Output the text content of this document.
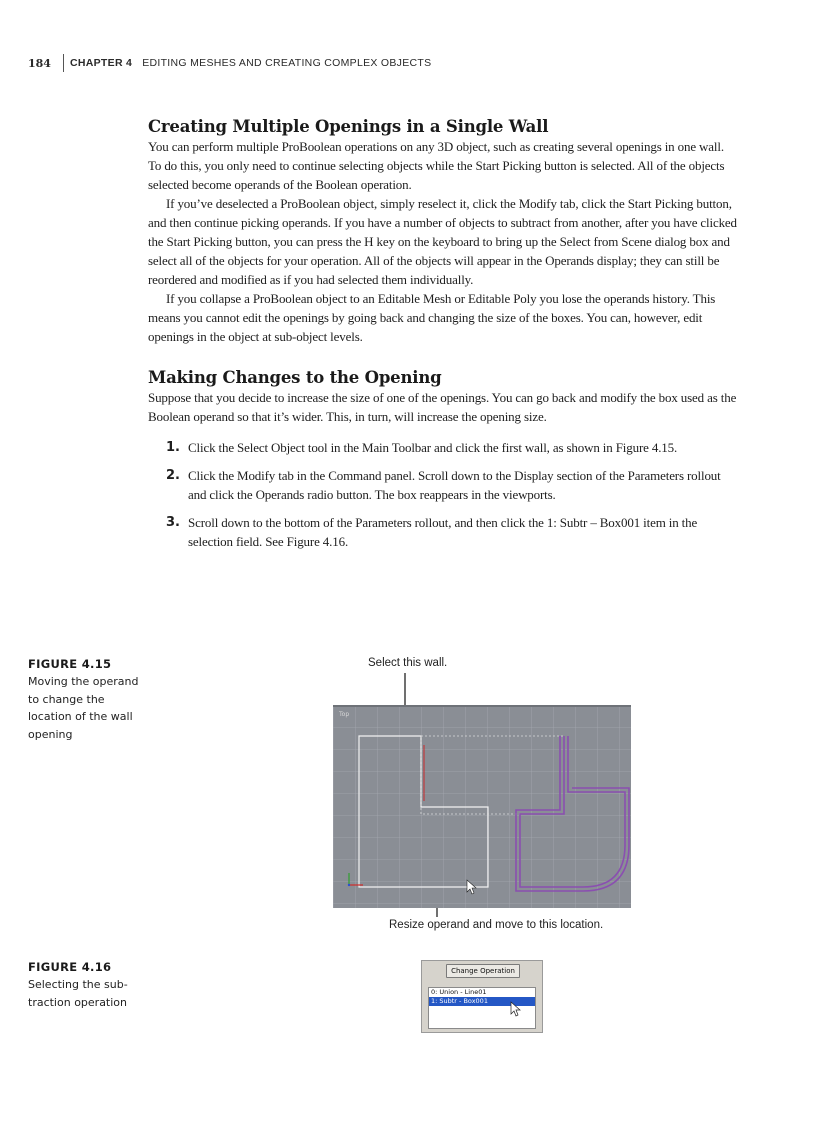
184	CHAPTER 4 EDITING MESHES AND CREATING COMPLEX OBJECTS
Creating Multiple Openings in a Single Wall

You can perform multiple ProBoolean operations on any 3D object, such as creating several openings in one wall. To do this, you only need to continue selecting objects while the Start Picking button is selected. All of the objects selected become operands of the Boolean operation.

If you’ve deselected a ProBoolean object, simply reselect it, click the Modify tab, click the Start Picking button, and then continue picking operands. If you have a number of objects to subtract from another, after you have clicked the Start Picking button, you can press the H key on the keyboard to bring up the Select from Scene dialog box and select all of the objects for your operation. All of the objects will appear in the Operands display; they can still be reordered and modified as if you had selected them individually.

If you collapse a ProBoolean object to an Editable Mesh or Editable Poly you lose the operands history. This means you cannot edit the openings by going back and changing the size of the boxes. You can, however, edit openings in the object at sub-object levels.

Making Changes to the Opening

Suppose that you decide to increase the size of one of the openings. You can go back and modify the box used as the Boolean operand so that it’s wider. This, in turn, will increase the opening size.

1. Click the Select Object tool in the Main Toolbar and click the first wall, as shown in Figure 4.15.
2. Click the Modify tab in the Command panel. Scroll down to the Display section of the Parameters rollout and click the Operands radio button. The box reappears in the viewports.
3. Scroll down to the bottom of the Parameters rollout, and then click the 1: Subtr – Box001 item in the selection field. See Figure 4.16.
FIGURE 4.15
Moving the operand to change the location of the wall opening
Select this wall.
Resize operand and move to this location.
Top
FIGURE 4.16
Selecting the subtraction operation
Change Operation
0: Union - Line01
1: Subtr - Box001
